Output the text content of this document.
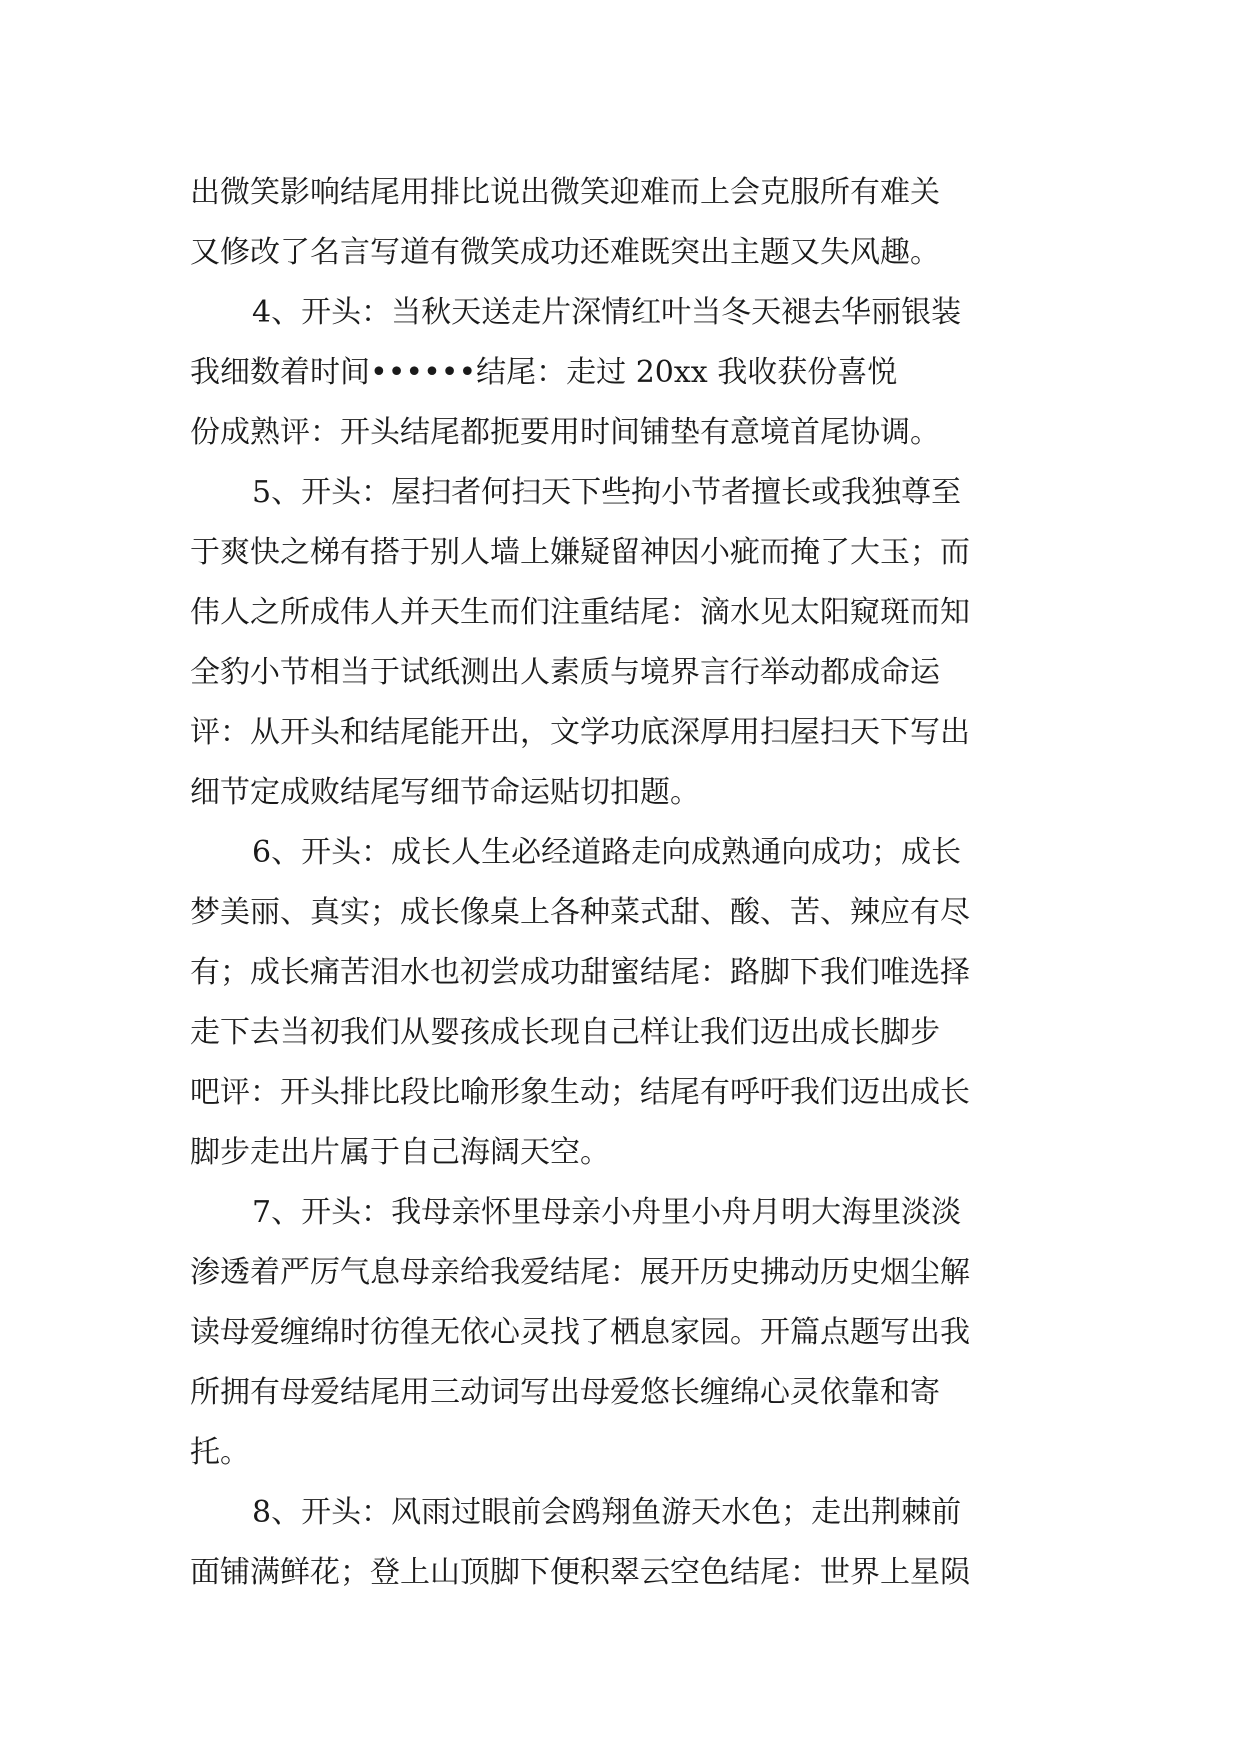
出微笑影响结尾用排比说出微笑迎难而上会克服所有难关
又修改了名言写道有微笑成功还难既突出主题又失风趣。
4、开头：当秋天送走片深情红叶当冬天褪去华丽银装
我细数着时间••••••结尾：走过 20xx 我收获份喜悦
份成熟评：开头结尾都扼要用时间铺垫有意境首尾协调。
5、开头：屋扫者何扫天下些拘小节者擅长或我独尊至
于爽快之梯有搭于别人墙上嫌疑留神因小疵而掩了大玉；而
伟人之所成伟人并天生而们注重结尾：滴水见太阳窥斑而知
全豹小节相当于试纸测出人素质与境界言行举动都成命运
评：从开头和结尾能开出，文学功底深厚用扫屋扫天下写出
细节定成败结尾写细节命运贴切扣题。
6、开头：成长人生必经道路走向成熟通向成功；成长
梦美丽、真实；成长像桌上各种菜式甜、酸、苦、辣应有尽
有；成长痛苦泪水也初尝成功甜蜜结尾：路脚下我们唯选择
走下去当初我们从婴孩成长现自己样让我们迈出成长脚步
吧评：开头排比段比喻形象生动；结尾有呼吁我们迈出成长
脚步走出片属于自己海阔天空。
7、开头：我母亲怀里母亲小舟里小舟月明大海里淡淡
渗透着严厉气息母亲给我爱结尾：展开历史拂动历史烟尘解
读母爱缠绵时彷徨无依心灵找了栖息家园。开篇点题写出我
所拥有母爱结尾用三动词写出母爱悠长缠绵心灵依靠和寄
托。
8、开头：风雨过眼前会鸥翔鱼游天水色；走出荆棘前
面铺满鲜花；登上山顶脚下便积翠云空色结尾：世界上星陨
